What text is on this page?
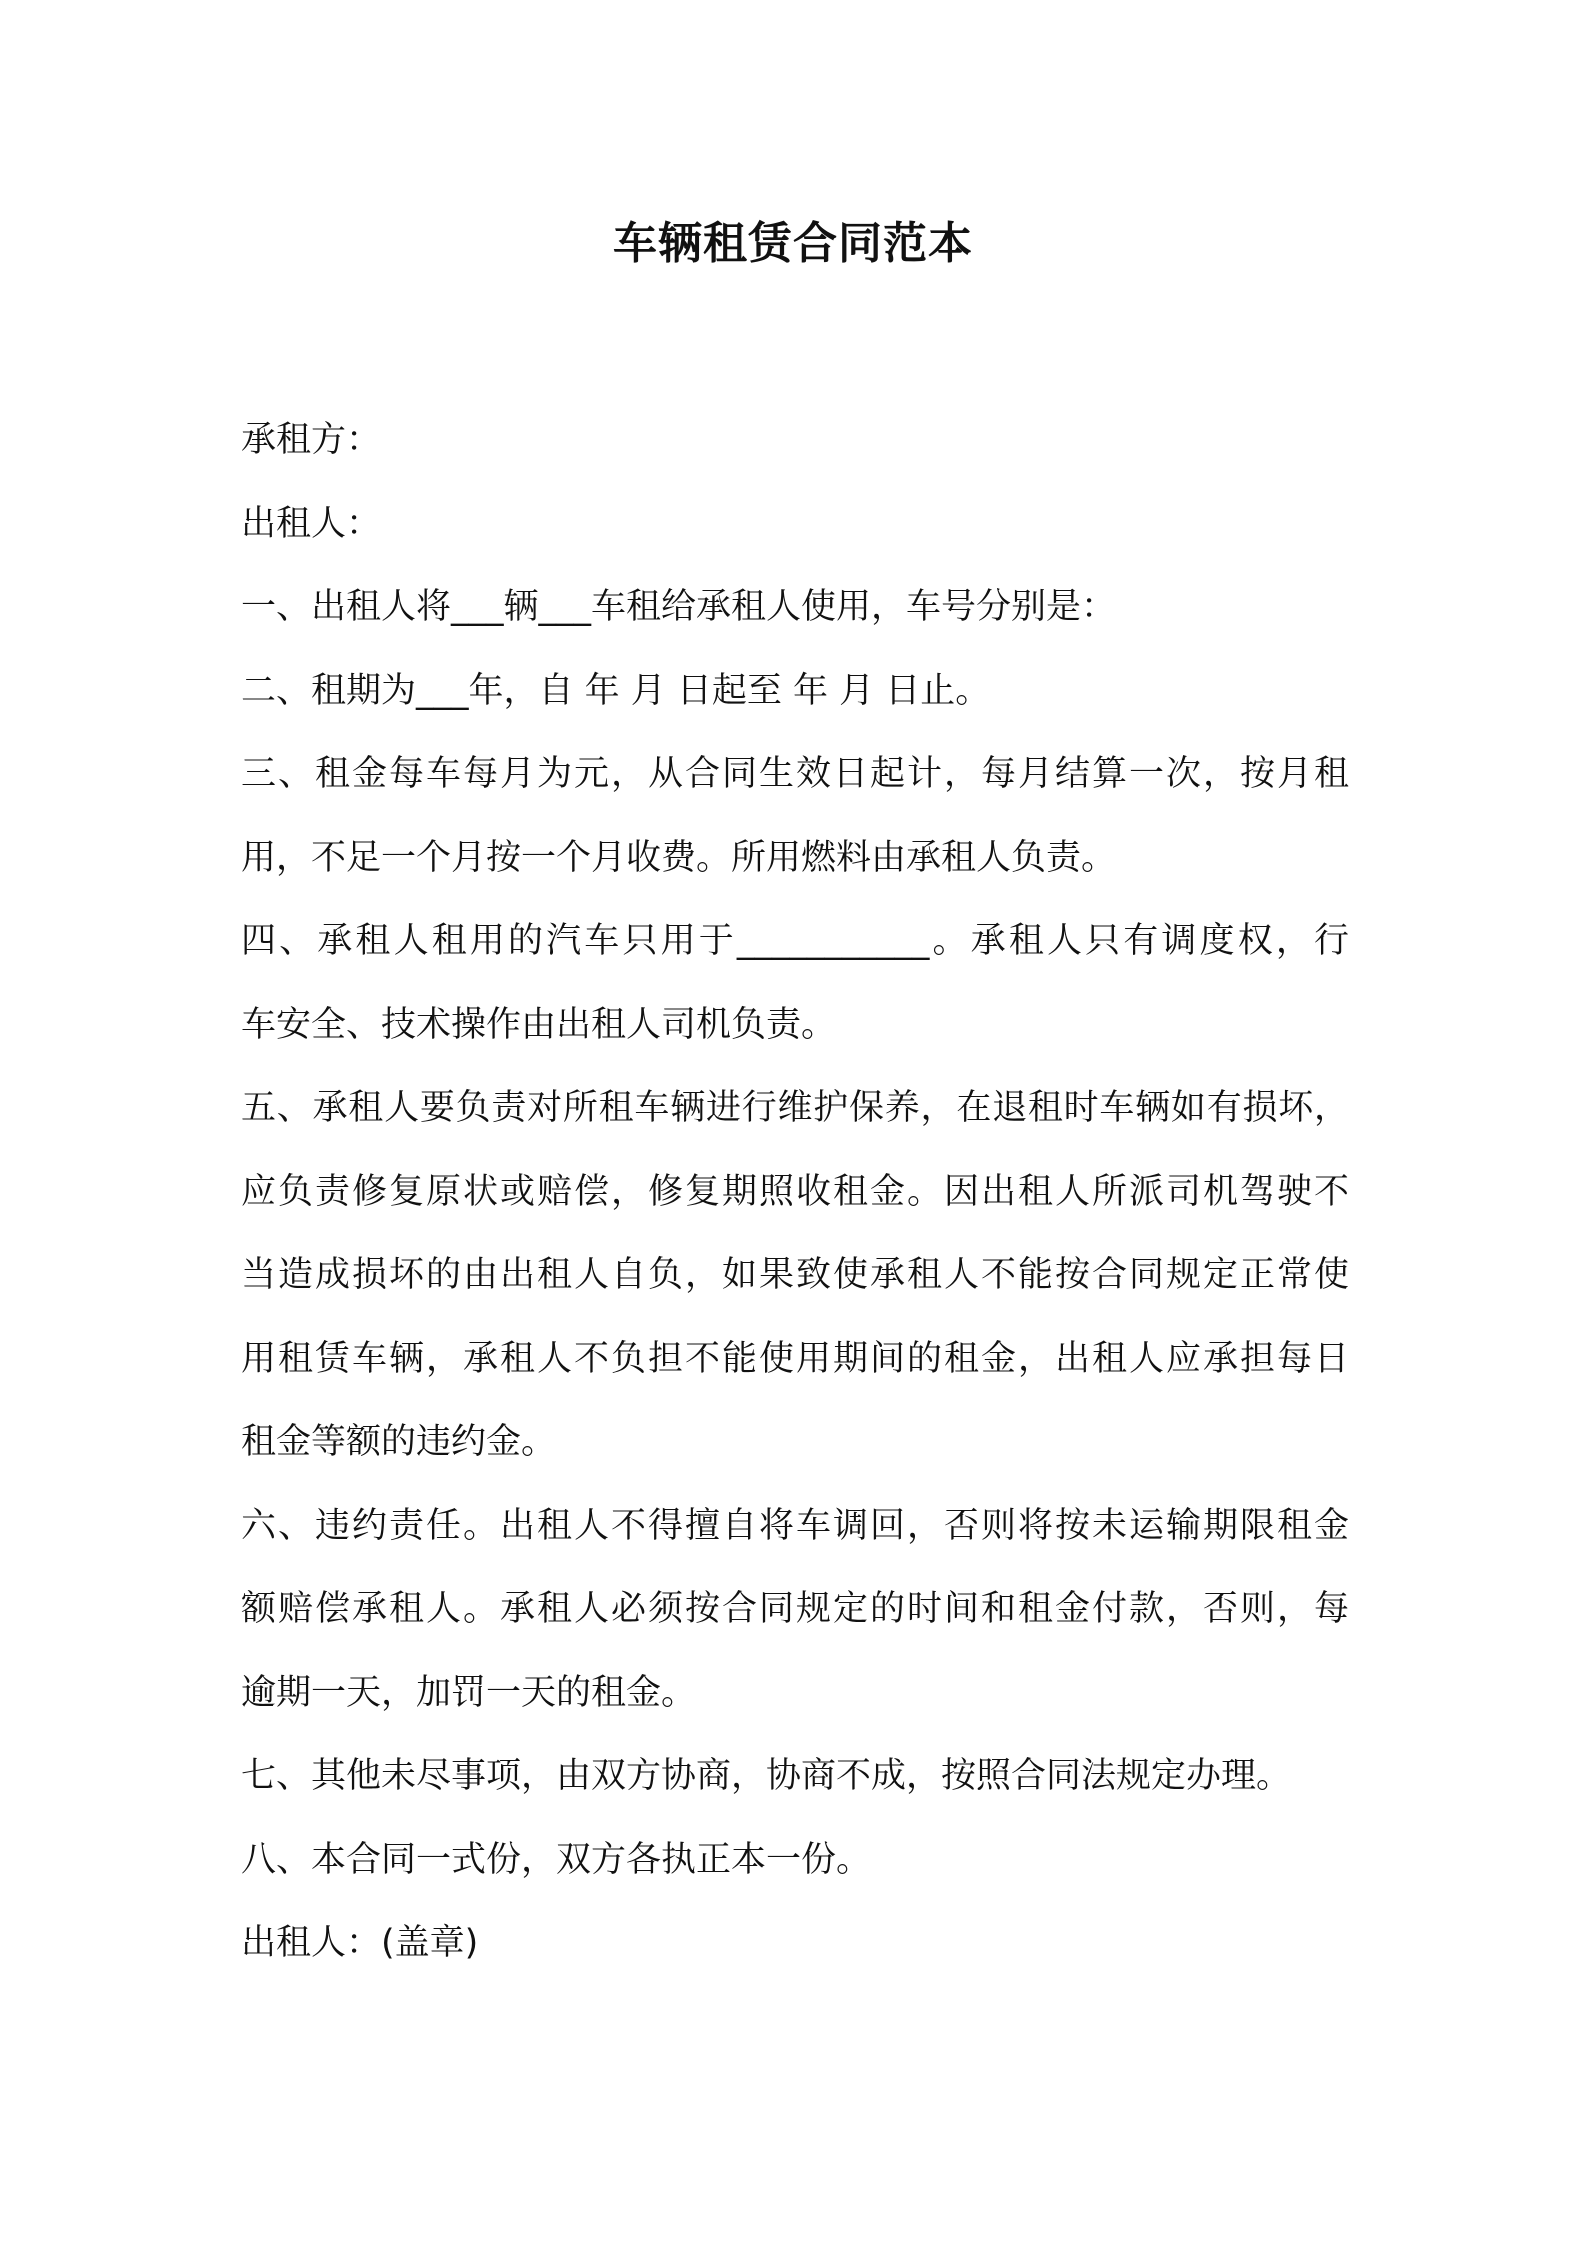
车辆租赁合同范本
承租方：
出租人：
一、出租人将___辆___车租给承租人使用，车号分别是：
二、租期为___年，自 年 月 日起至 年 月 日止。
三、租金每车每月为元，从合同生效日起计，每月结算一次，按月租
用，不足一个月按一个月收费。所用燃料由承租人负责。
四、承租人租用的汽车只用于___________。承租人只有调度权，行
车安全、技术操作由出租人司机负责。
五、承租人要负责对所租车辆进行维护保养，在退租时车辆如有损坏，
应负责修复原状或赔偿，修复期照收租金。因出租人所派司机驾驶不
当造成损坏的由出租人自负，如果致使承租人不能按合同规定正常使
用租赁车辆，承租人不负担不能使用期间的租金，出租人应承担每日
租金等额的违约金。
六、违约责任。出租人不得擅自将车调回，否则将按未运输期限租金
额赔偿承租人。承租人必须按合同规定的时间和租金付款，否则，每
逾期一天，加罚一天的租金。
七、其他未尽事项，由双方协商，协商不成，按照合同法规定办理。
八、本合同一式份，双方各执正本一份。
出租人：(盖章)
